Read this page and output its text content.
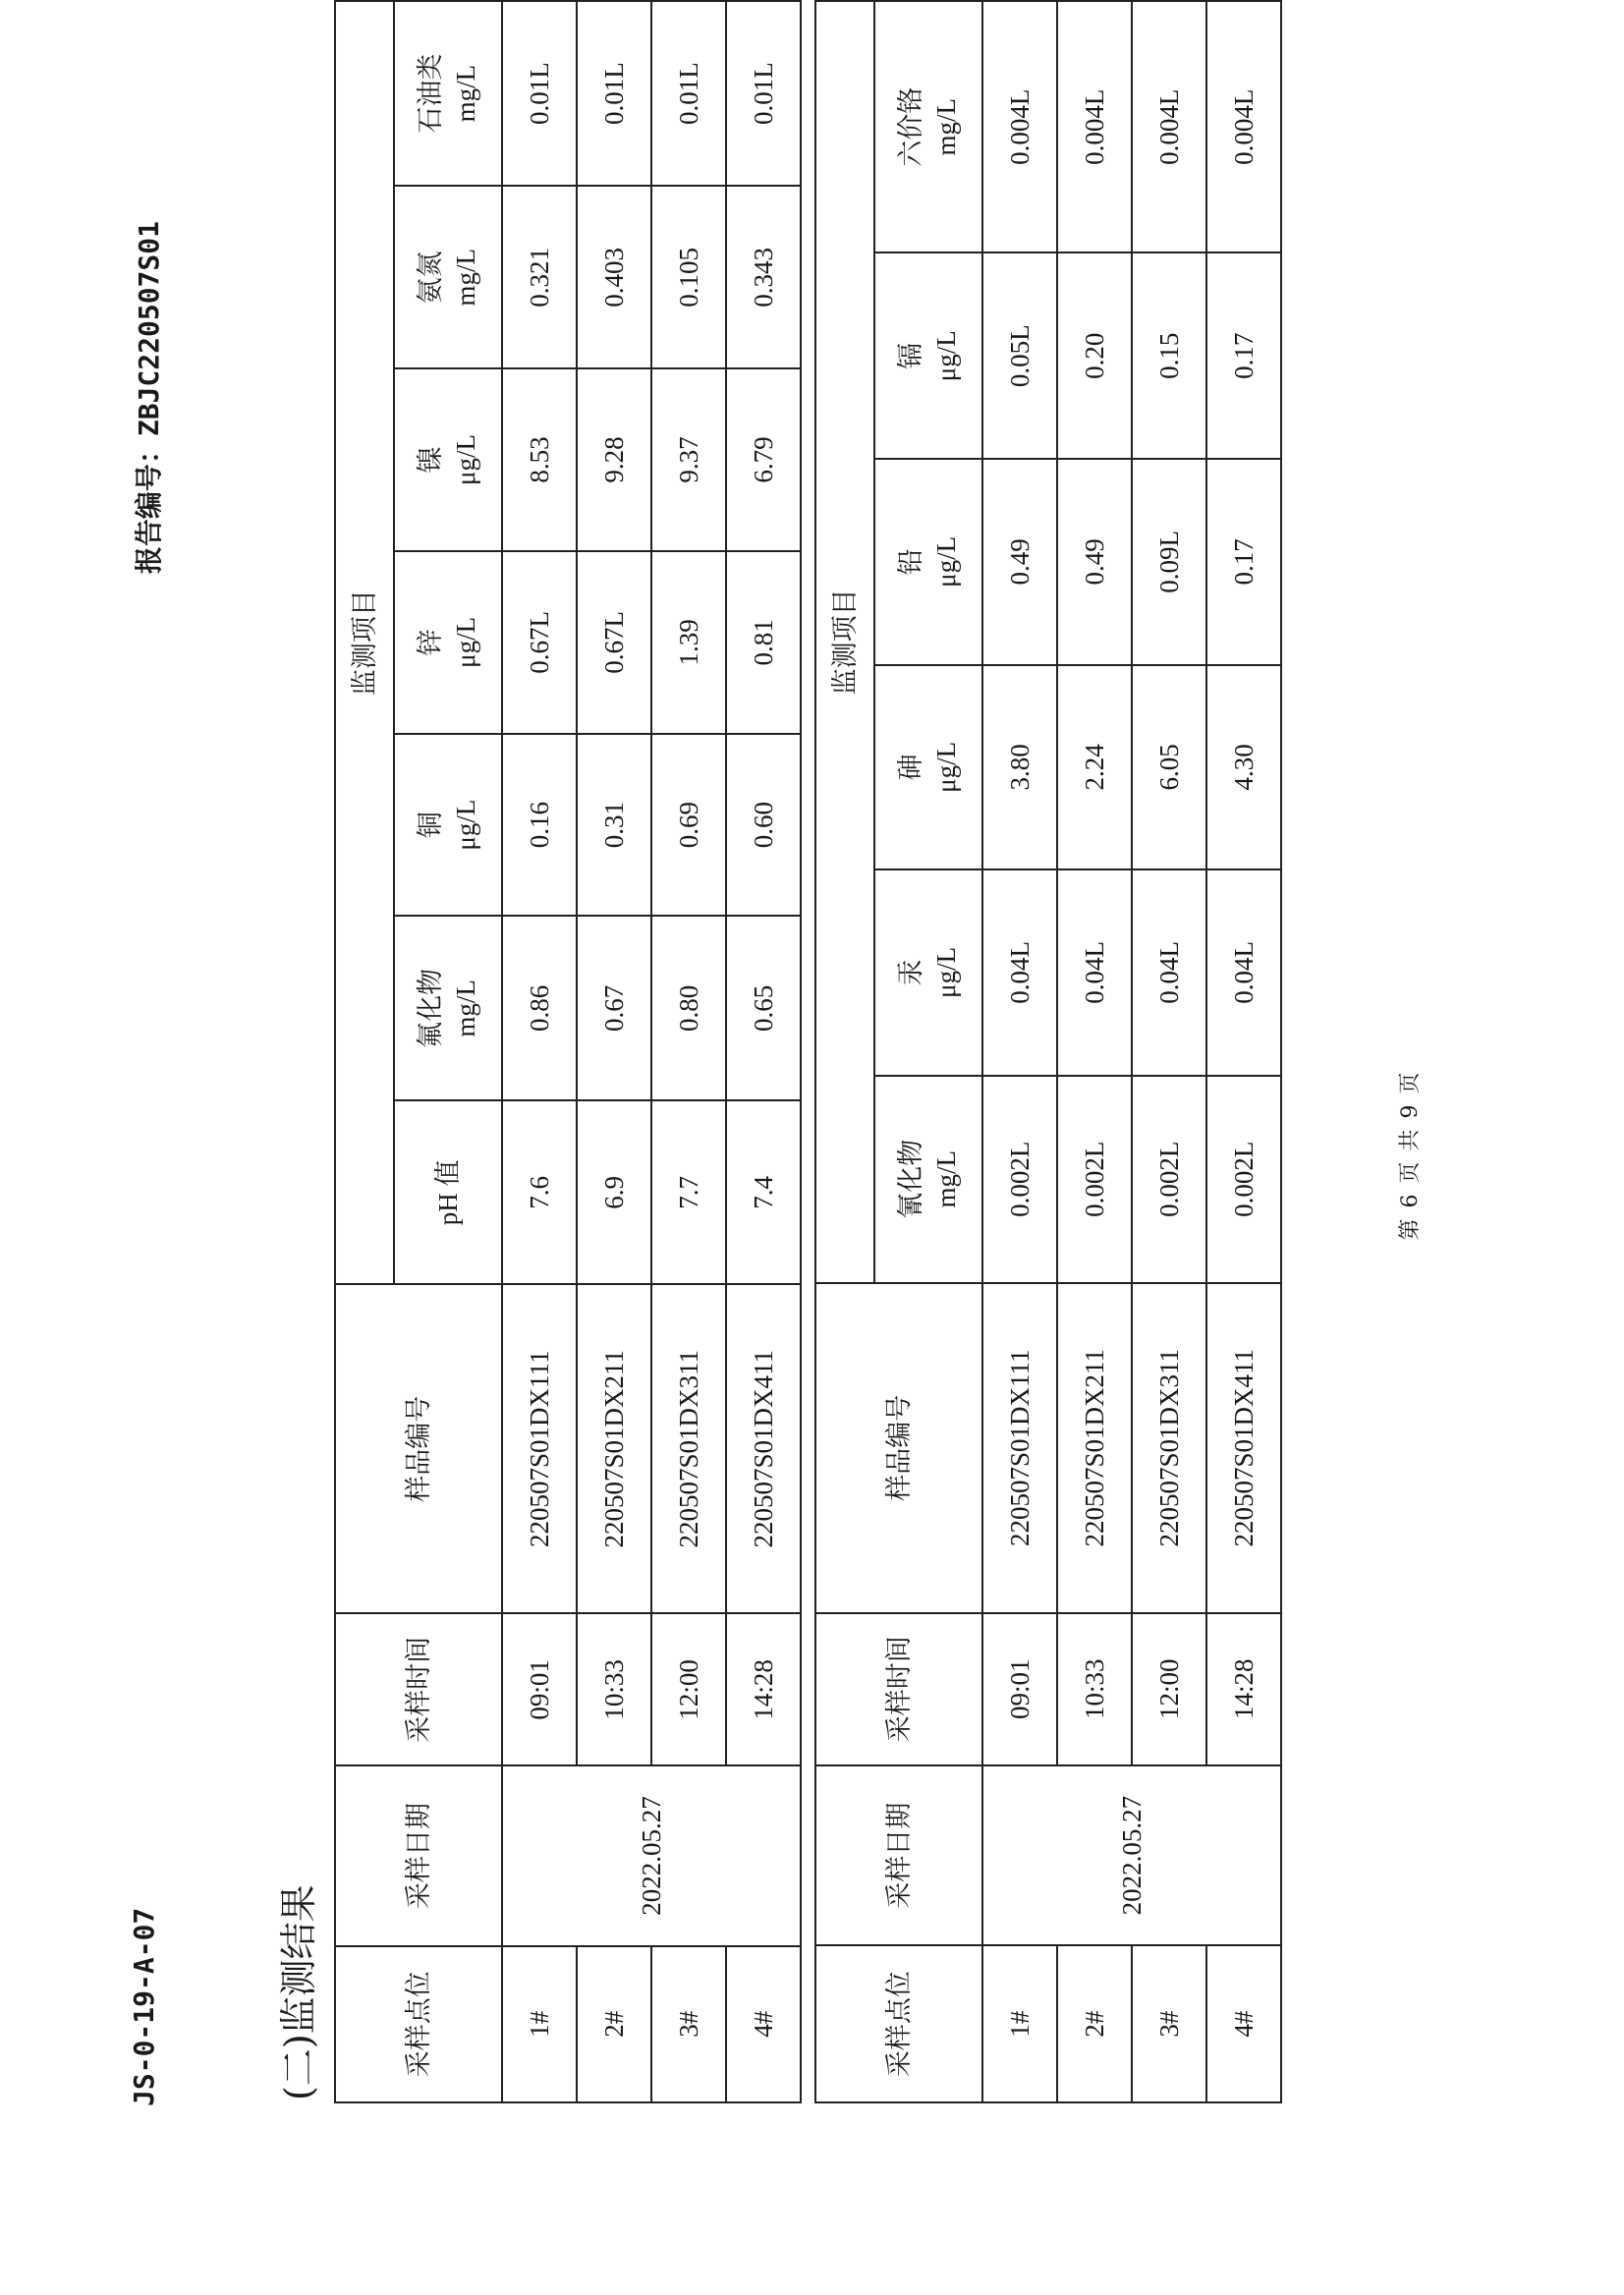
JS-0-19-A-07
报告编号：ZBJC220507S01
(二)监测结果	采样点位	采样日期	采样时间	样品编号	监测项目						

				pH 值	氟化物 mg/L	铜 μg/L	锌 μg/L	镍 μg/L	氨氮 mg/L	石油类 mg/L

1#	2022.05.27	09:01	220507S01DX111	7.6	0.86	0.16	0.67L	8.53	0.321	0.01L
2#		10:33	220507S01DX211	6.9	0.67	0.31	0.67L	9.28	0.403	0.01L
3#		12:00	220507S01DX311	7.7	0.80	0.69	1.39	9.37	0.105	0.01L
4#		14:28	220507S01DX411	7.4	0.65	0.60	0.81	6.79	0.343	0.01L
采样点位	采样日期	采样时间	样品编号	监测项目					

				氰化物 mg/L	汞 μg/L	砷 μg/L	铅 μg/L	镉 μg/L	六价铬 mg/L

1#	2022.05.27	09:01	220507S01DX111	0.002L	0.04L	3.80	0.49	0.05L	0.004L
2#		10:33	220507S01DX211	0.002L	0.04L	2.24	0.49	0.20	0.004L
3#		12:00	220507S01DX311	0.002L	0.04L	6.05	0.09L	0.15	0.004L
4#		14:28	220507S01DX411	0.002L	0.04L	4.30	0.17	0.17	0.004L
第 6 页 共 9 页
